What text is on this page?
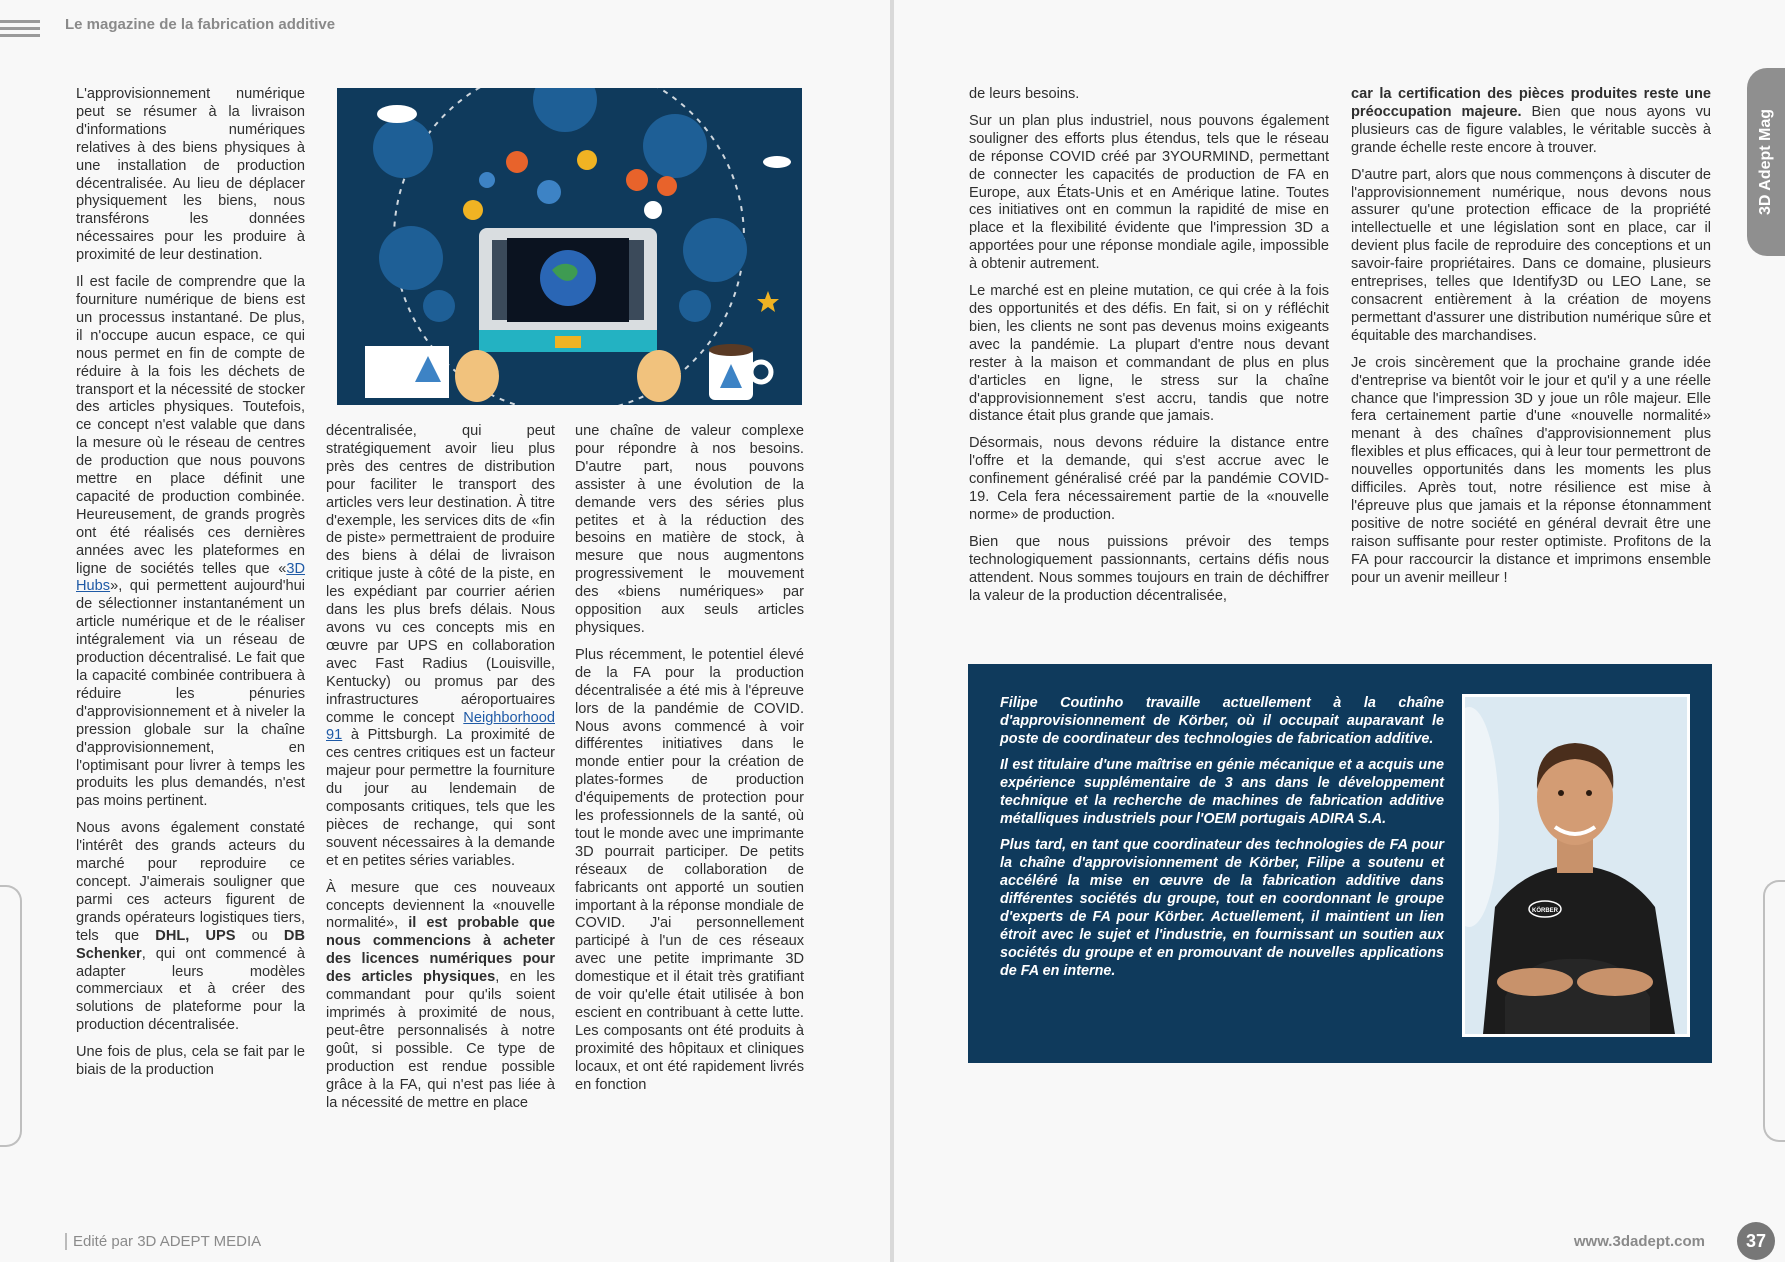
Le magazine de la fabrication additive

L'approvisionnement numérique peut se résumer à la livraison d'informations numériques relatives à des biens physiques à une installation de production décentralisée. Au lieu de déplacer physiquement les biens, nous transférons les données nécessaires pour les produire à proximité de leur destination.

Il est facile de comprendre que la fourniture numérique de biens est un processus instantané. De plus, il n'occupe aucun espace, ce qui nous permet en fin de compte de réduire à la fois les déchets de transport et la nécessité de stocker des articles physiques. Toutefois, ce concept n'est valable que dans la mesure où le réseau de centres de production que nous pouvons mettre en place définit une capacité de production combinée. Heureusement, de grands progrès ont été réalisés ces dernières années avec les plateformes en ligne de sociétés telles que «3D Hubs», qui permettent aujourd'hui de sélectionner instantanément un article numérique et de le réaliser intégralement via un réseau de production décentralisé. Le fait que la capacité combinée contribuera à réduire les pénuries d'approvisionnement et à niveler la pression globale sur la chaîne d'approvisionnement, en l'optimisant pour livrer à temps les produits les plus demandés, n'est pas moins pertinent.

Nous avons également constaté l'intérêt des grands acteurs du marché pour reproduire ce concept. J'aimerais souligner que parmi ces acteurs figurent de grands opérateurs logistiques tiers, tels que DHL, UPS ou DB Schenker, qui ont commencé à adapter leurs modèles commerciaux et à créer des solutions de plateforme pour la production décentralisée.

Une fois de plus, cela se fait par le biais de la production

décentralisée, qui peut stratégiquement avoir lieu plus près des centres de distribution pour faciliter le transport des articles vers leur destination. À titre d'exemple, les services dits de «fin de piste» permettraient de produire des biens à délai de livraison critique juste à côté de la piste, en les expédiant par courrier aérien dans les plus brefs délais. Nous avons vu ces concepts mis en œuvre par UPS en collaboration avec Fast Radius (Louisville, Kentucky) ou promus par des infrastructures aéroportuaires comme le concept Neighborhood 91 à Pittsburgh. La proximité de ces centres critiques est un facteur majeur pour permettre la fourniture du jour au lendemain de composants critiques, tels que les pièces de rechange, qui sont souvent nécessaires à la demande et en petites séries variables.

À mesure que ces nouveaux concepts deviennent la «nouvelle normalité», il est probable que nous commencions à acheter des licences numériques pour des articles physiques, en les commandant pour qu'ils soient imprimés à proximité de nous, peut-être personnalisés à notre goût, si possible. Ce type de production est rendue possible grâce à la FA, qui n'est pas liée à la nécessité de mettre en place

une chaîne de valeur complexe pour répondre à nos besoins. D'autre part, nous pouvons assister à une évolution de la demande vers des séries plus petites et à la réduction des besoins en matière de stock, à mesure que nous augmentons progressivement le mouvement des «biens numériques» par opposition aux seuls articles physiques.

Plus récemment, le potentiel élevé de la FA pour la production décentralisée a été mis à l'épreuve lors de la pandémie de COVID. Nous avons commencé à voir différentes initiatives dans le monde entier pour la création de plates-formes de production d'équipements de protection pour les professionnels de la santé, où tout le monde avec une imprimante 3D pourrait participer. De petits réseaux de collaboration de fabricants ont apporté un soutien important à la réponse mondiale de COVID. J'ai personnellement participé à l'un de ces réseaux avec une petite imprimante 3D domestique et il était très gratifiant de voir qu'elle était utilisée à bon escient en contribuant à cette lutte. Les composants ont été produits à proximité des hôpitaux et cliniques locaux, et ont été rapidement livrés en fonction

Edité par 3D ADEPT MEDIA
3D Adept Mag

de leurs besoins.

Sur un plan plus industriel, nous pouvons également souligner des efforts plus étendus, tels que le réseau de réponse COVID créé par 3YOURMIND, permettant de connecter les capacités de production de FA en Europe, aux États-Unis et en Amérique latine. Toutes ces initiatives ont en commun la rapidité de mise en place et la flexibilité évidente que l'impression 3D a apportées pour une réponse mondiale agile, impossible à obtenir autrement.

Le marché est en pleine mutation, ce qui crée à la fois des opportunités et des défis. En fait, si on y réfléchit bien, les clients ne sont pas devenus moins exigeants avec la pandémie. La plupart d'entre nous devant rester à la maison et commandant de plus en plus d'articles en ligne, le stress sur la chaîne d'approvisionnement s'est accru, tandis que notre distance était plus grande que jamais.

Désormais, nous devons réduire la distance entre l'offre et la demande, qui s'est accrue avec le confinement généralisé créé par la pandémie COVID-19. Cela fera nécessairement partie de la «nouvelle norme» de production.

Bien que nous puissions prévoir des temps technologiquement passionnants, certains défis nous attendent. Nous sommes toujours en train de déchiffrer la valeur de la production décentralisée,

car la certification des pièces produites reste une préoccupation majeure. Bien que nous ayons vu plusieurs cas de figure valables, le véritable succès à grande échelle reste encore à trouver.

D'autre part, alors que nous commençons à discuter de l'approvisionnement numérique, nous devons nous assurer qu'une protection efficace de la propriété intellectuelle et une législation sont en place, car il devient plus facile de reproduire des conceptions et un savoir-faire propriétaires. Dans ce domaine, plusieurs entreprises, telles que Identify3D ou LEO Lane, se consacrent entièrement à la création de moyens permettant d'assurer une distribution numérique sûre et équitable des marchandises.

Je crois sincèrement que la prochaine grande idée d'entreprise va bientôt voir le jour et qu'il y a une réelle chance que l'impression 3D y joue un rôle majeur. Elle fera certainement partie d'une «nouvelle normalité» menant à des chaînes d'approvisionnement plus flexibles et plus efficaces, qui à leur tour permettront de nouvelles opportunités dans les moments les plus difficiles. Après tout, notre résilience est mise à l'épreuve plus que jamais et la réponse étonnamment positive de notre société en général devrait être une raison suffisante pour rester optimiste. Profitons de la FA pour raccourcir la distance et imprimons ensemble pour un avenir meilleur !

www.3dadept.com	37

Filipe Coutinho travaille actuellement à la chaîne d'approvisionnement de Körber, où il occupait auparavant le poste de coordinateur des technologies de fabrication additive.

Il est titulaire d'une maîtrise en génie mécanique et a acquis une expérience supplémentaire de 3 ans dans le développement technique et la recherche de machines de fabrication additive métalliques industriels pour l'OEM portugais ADIRA S.A.

Plus tard, en tant que coordinateur des technologies de FA pour la chaîne d'approvisionnement de Körber, Filipe a soutenu et accéléré la mise en œuvre de la fabrication additive dans différentes sociétés du groupe, tout en coordonnant le groupe d'experts de FA pour Körber. Actuellement, il maintient un lien étroit avec le sujet et l'industrie, en fournissant un soutien aux sociétés du groupe et en promouvant de nouvelles applications de FA en interne.

KÖRBER
